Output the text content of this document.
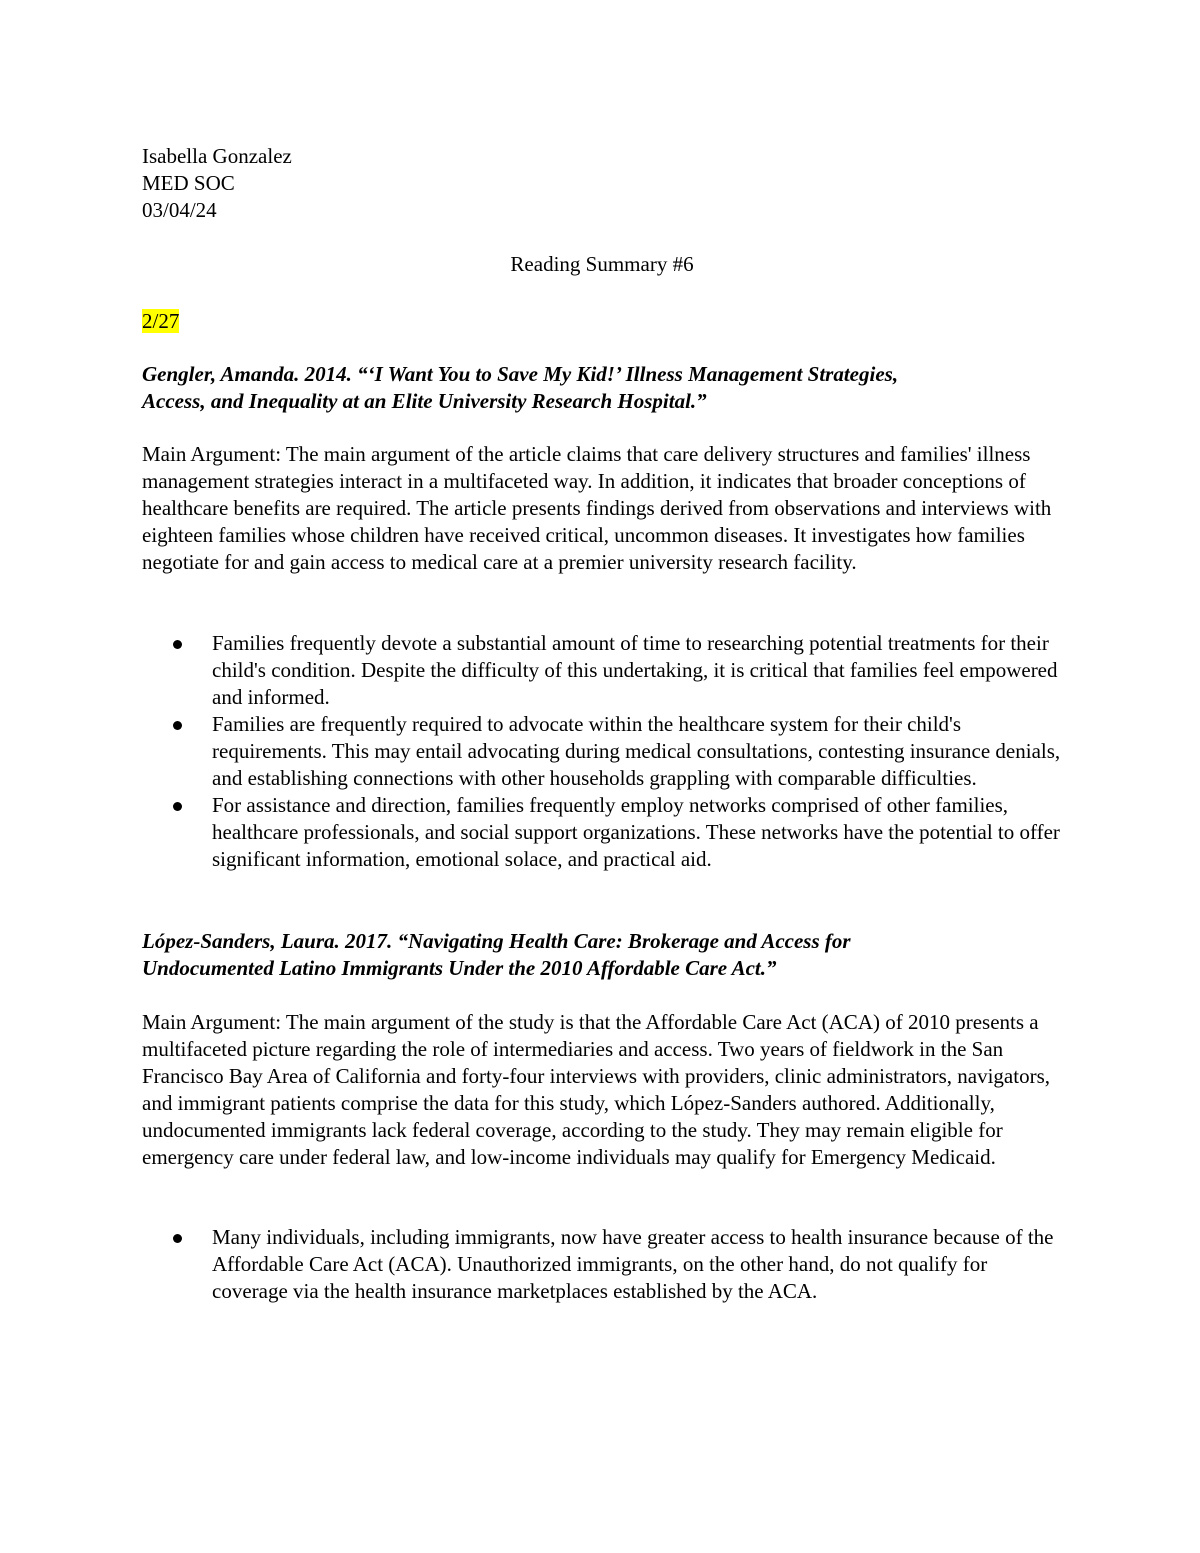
Isabella Gonzalez

MED SOC

03/04/24

Reading Summary #6

2/27

Gengler, Amanda. 2014. “‘I Want You to Save My Kid!’ Illness Management Strategies,
Access, and Inequality at an Elite University Research Hospital.”

Main Argument: The main argument of the article claims that care delivery structures and families' illness management strategies interact in a multifaceted way. In addition, it indicates that broader conceptions of healthcare benefits are required. The article presents findings derived from observations and interviews with eighteen families whose children have received critical, uncommon diseases. It investigates how families negotiate for and gain access to medical care at a premier university research facility.

Families frequently devote a substantial amount of time to researching potential treatments for their child's condition. Despite the difficulty of this undertaking, it is critical that families feel empowered and informed.
Families are frequently required to advocate within the healthcare system for their child's requirements. This may entail advocating during medical consultations, contesting insurance denials, and establishing connections with other households grappling with comparable difficulties.
For assistance and direction, families frequently employ networks comprised of other families, healthcare professionals, and social support organizations. These networks have the potential to offer significant information, emotional solace, and practical aid.

López-Sanders, Laura. 2017. “Navigating Health Care: Brokerage and Access for
Undocumented Latino Immigrants Under the 2010 Affordable Care Act.”

Main Argument: The main argument of the study is that the Affordable Care Act (ACA) of 2010 presents a multifaceted picture regarding the role of intermediaries and access. Two years of fieldwork in the San Francisco Bay Area of California and forty-four interviews with providers, clinic administrators, navigators, and immigrant patients comprise the data for this study, which López-Sanders authored. Additionally, undocumented immigrants lack federal coverage, according to the study. They may remain eligible for emergency care under federal law, and low-income individuals may qualify for Emergency Medicaid.

Many individuals, including immigrants, now have greater access to health insurance because of the Affordable Care Act (ACA). Unauthorized immigrants, on the other hand, do not qualify for coverage via the health insurance marketplaces established by the ACA.
